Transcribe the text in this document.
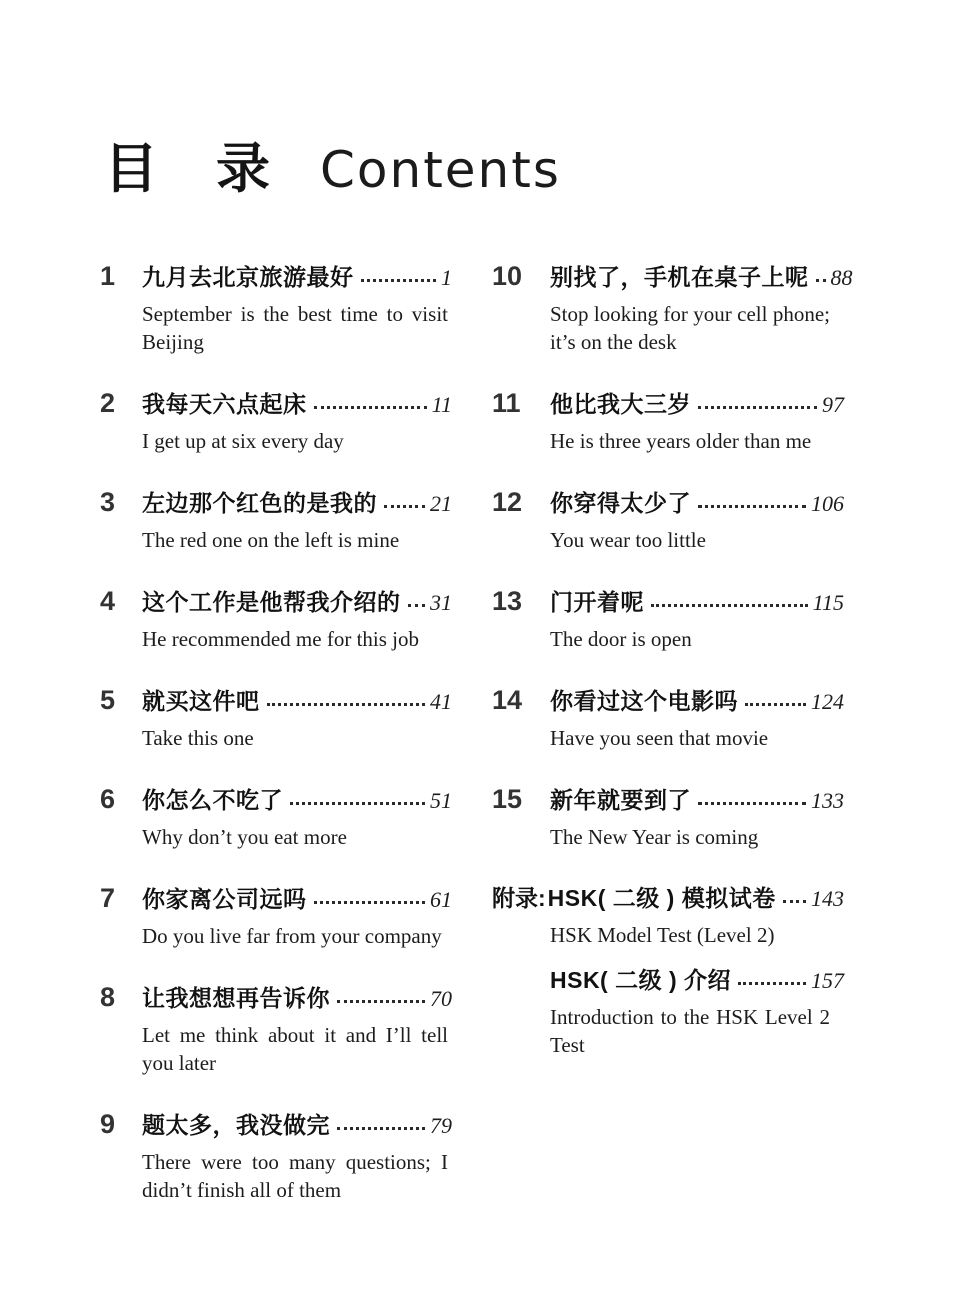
目　录 Contents
1	九月去北京旅游最好	1
September is the best time to visit Beijing
2	我每天六点起床	11
I get up at six every day
3	左边那个红色的是我的 21
The red one on the left is mine
4	这个工作是他帮我介绍的 31
He recommended me for this job
5	就买这件吧	41
Take this one
6	你怎么不吃了	51
Why don’t you eat more
7	你家离公司远吗	61
Do you live far from your company
8	让我想想再告诉你	70
Let me think about it and I’ll tell you later
9	题太多，我没做完	79
There were too many questions; I didn’t finish all of them
10	别找了，手机在桌子上呢 88
Stop looking for your cell phone; it’s on the desk
11	他比我大三岁	97
He is three years older than me
12	你穿得太少了	106
You wear too little
13	门开着呢	115
The door is open
14	你看过这个电影吗	124
Have you seen that movie
15	新年就要到了	133
The New Year is coming
附录: HSK( 二级 ) 模拟试卷 143
HSK Model Test (Level 2)
HSK( 二级 ) 介绍	157
Introduction to the HSK Level 2 Test
